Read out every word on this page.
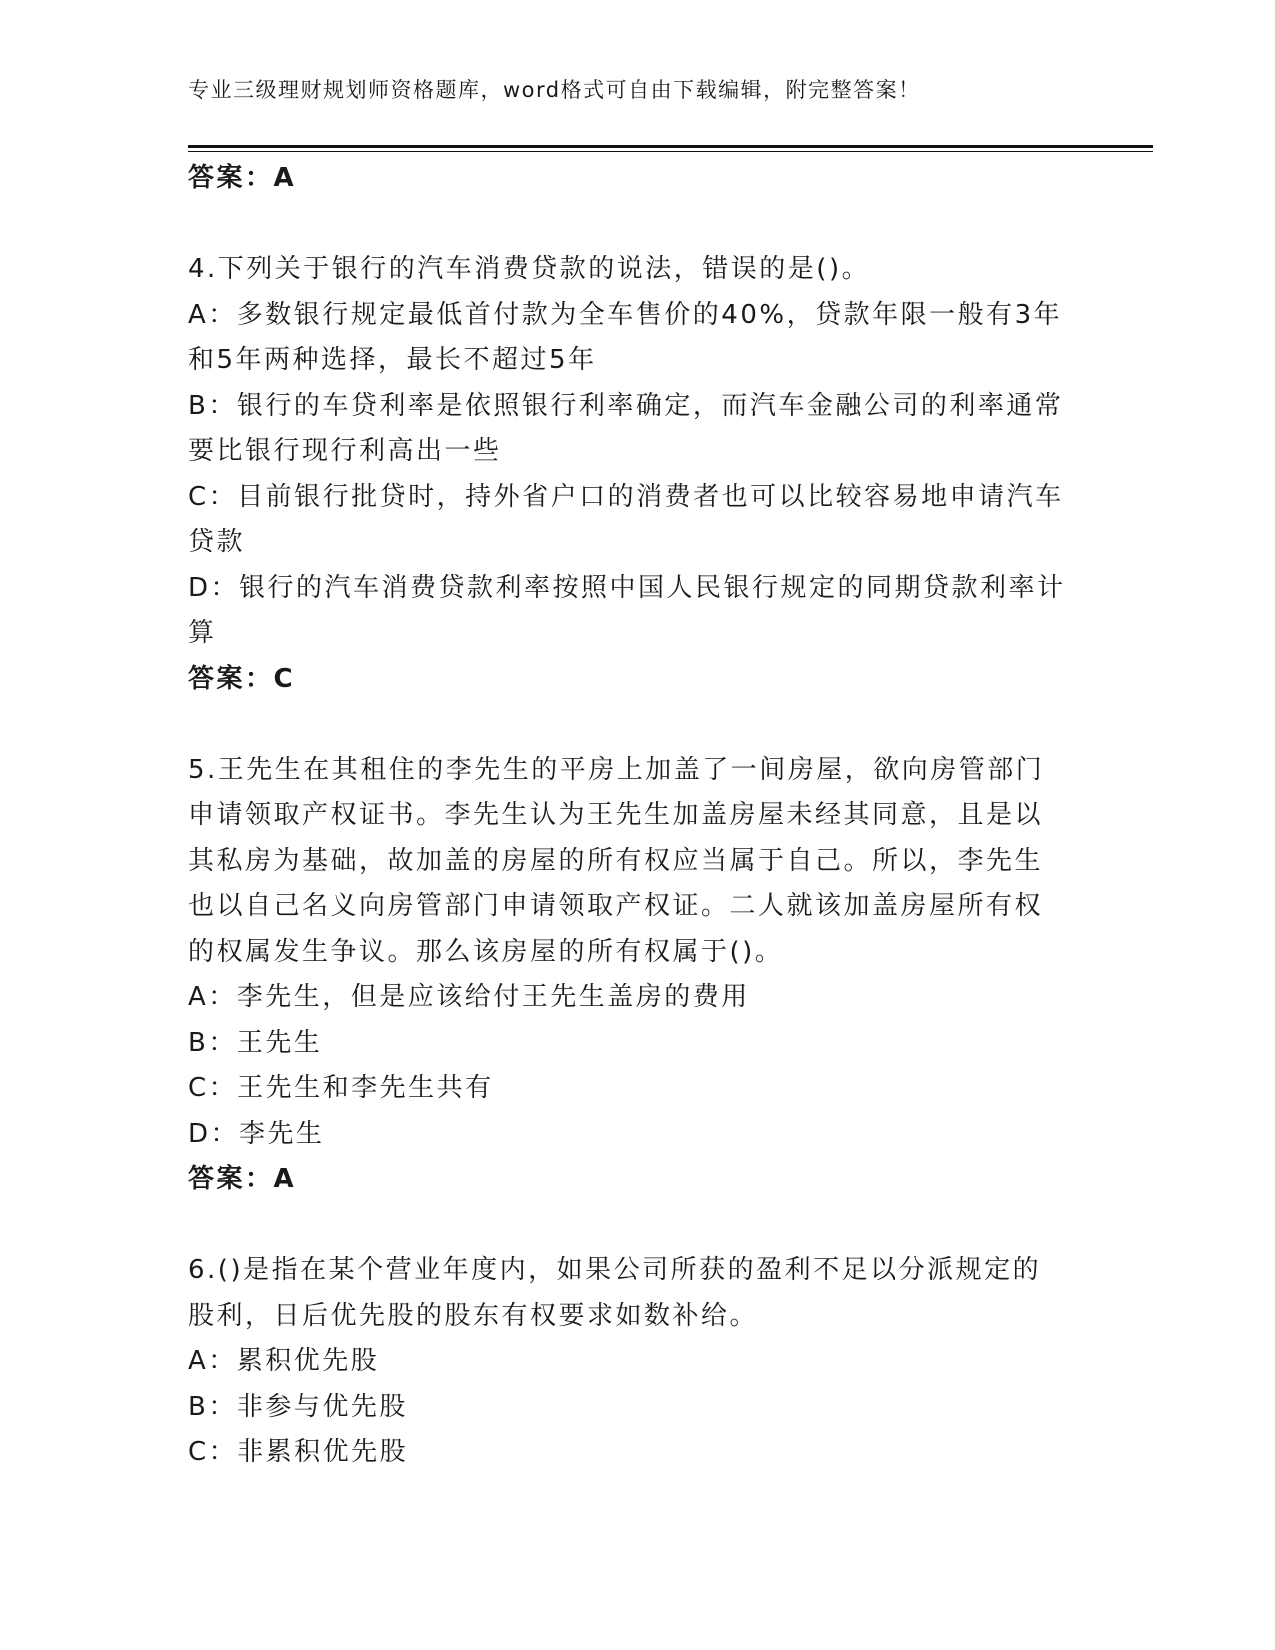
专业三级理财规划师资格题库，word格式可自由下载编辑，附完整答案！
答案：A
4.下列关于银行的汽车消费贷款的说法，错误的是()。
A：多数银行规定最低首付款为全车售价的40%，贷款年限一般有3年
和5年两种选择，最长不超过5年
B：银行的车贷利率是依照银行利率确定，而汽车金融公司的利率通常
要比银行现行利高出一些
C：目前银行批贷时，持外省户口的消费者也可以比较容易地申请汽车
贷款
D：银行的汽车消费贷款利率按照中国人民银行规定的同期贷款利率计
算
答案：C
5.王先生在其租住的李先生的平房上加盖了一间房屋，欲向房管部门
申请领取产权证书。李先生认为王先生加盖房屋未经其同意，且是以
其私房为基础，故加盖的房屋的所有权应当属于自己。所以，李先生
也以自己名义向房管部门申请领取产权证。二人就该加盖房屋所有权
的权属发生争议。那么该房屋的所有权属于()。
A：李先生，但是应该给付王先生盖房的费用
B：王先生
C：王先生和李先生共有
D：李先生
答案：A
6.()是指在某个营业年度内，如果公司所获的盈利不足以分派规定的
股利，日后优先股的股东有权要求如数补给。
A：累积优先股
B：非参与优先股
C：非累积优先股
